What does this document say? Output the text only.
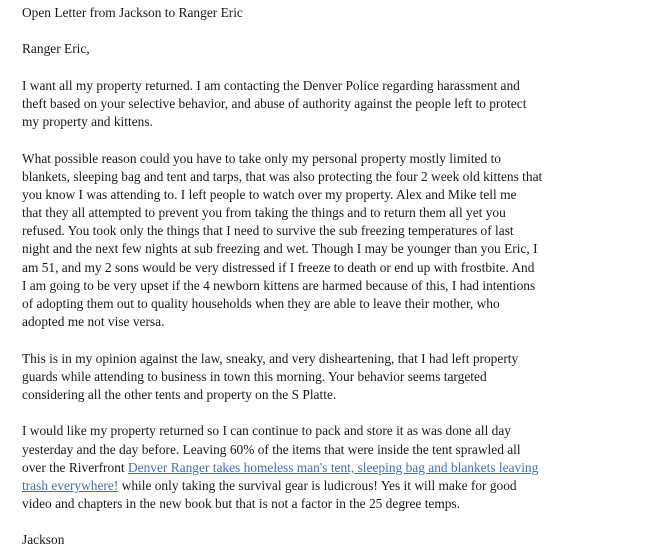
Open Letter from Jackson to Ranger Eric
Ranger Eric,
I want all my property returned. I am contacting the Denver Police regarding harassment and
theft based on your selective behavior, and abuse of authority against the people left to protect
my property and kittens.
What possible reason could you have to take only my personal property mostly limited to
blankets, sleeping bag and tent and tarps, that was also protecting the four 2 week old kittens that
you know I was attending to. I left people to watch over my property. Alex and Mike tell me
that they all attempted to prevent you from taking the things and to return them all yet you
refused. You took only the things that I need to survive the sub freezing temperatures of last
night and the next few nights at sub freezing and wet. Though I may be younger than you Eric, I
am 51, and my 2 sons would be very distressed if I freeze to death or end up with frostbite. And
I am going to be very upset if the 4 newborn kittens are harmed because of this, I had intentions
of adopting them out to quality households when they are able to leave their mother, who
adopted me not vise versa.
This is in my opinion against the law, sneaky, and very disheartening, that I had left property
guards while attending to business in town this morning. Your behavior seems targeted
considering all the other tents and property on the S Platte.
I would like my property returned so I can continue to pack and store it as was done all day
yesterday and the day before. Leaving 60% of the items that were inside the tent sprawled all
over the Riverfront Denver Ranger takes homeless man's tent, sleeping bag and blankets leaving
trash everywhere! while only taking the survival gear is ludicrous! Yes it will make for good
video and chapters in the new book but that is not a factor in the 25 degree temps.
Jackson
